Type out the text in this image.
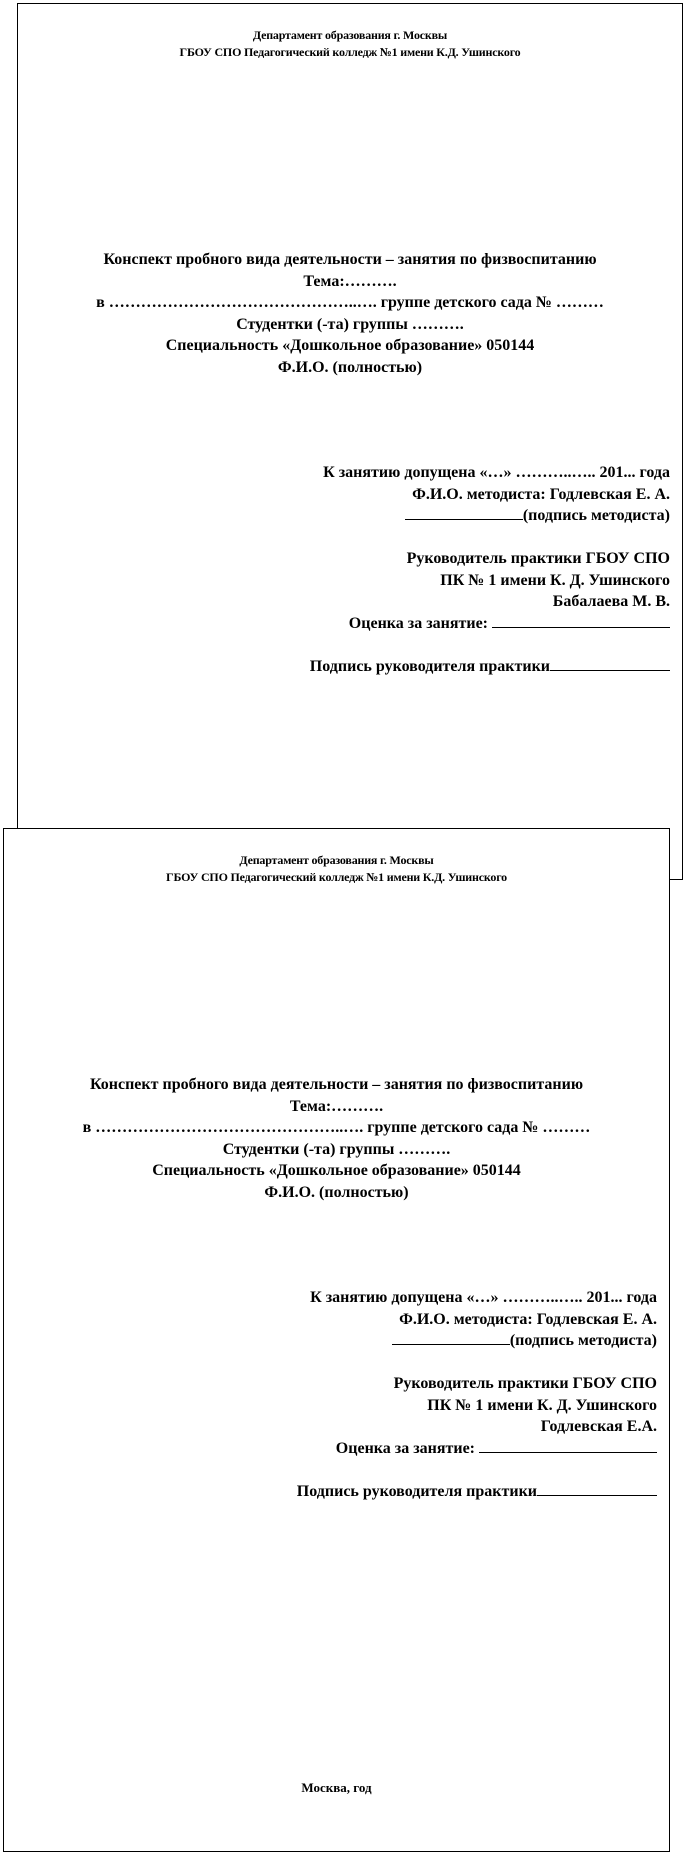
Департамент образования г. Москвы
ГБОУ СПО Педагогический колледж №1 имени К.Д. Ушинского
Конспект пробного вида деятельности – занятия по физвоспитанию
Тема:……….
в ………………………………………..…. группе детского сада № ………
Студентки (-та) группы ……….
Специальность «Дошкольное образование» 050144
Ф.И.О. (полностью)
К занятию допущена «…» ………..….. 201... года
Ф.И.О. методиста: Годлевская Е. А.
(подпись методиста)
Руководитель практики ГБОУ СПО
ПК № 1 имени К. Д. Ушинского
Бабалаева М. В.
Оценка за занятие:
Подпись руководителя практики
Департамент образования г. Москвы
ГБОУ СПО Педагогический колледж №1 имени К.Д. Ушинского
Конспект пробного вида деятельности – занятия по физвоспитанию
Тема:……….
в ………………………………………..…. группе детского сада № ………
Студентки (-та) группы ……….
Специальность «Дошкольное образование» 050144
Ф.И.О. (полностью)
К занятию допущена «…» ………..….. 201... года
Ф.И.О. методиста: Годлевская Е. А.
(подпись методиста)
Руководитель практики ГБОУ СПО
ПК № 1 имени К. Д. Ушинского
Годлевская Е.А.
Оценка за занятие:
Подпись руководителя практики
Москва, год
